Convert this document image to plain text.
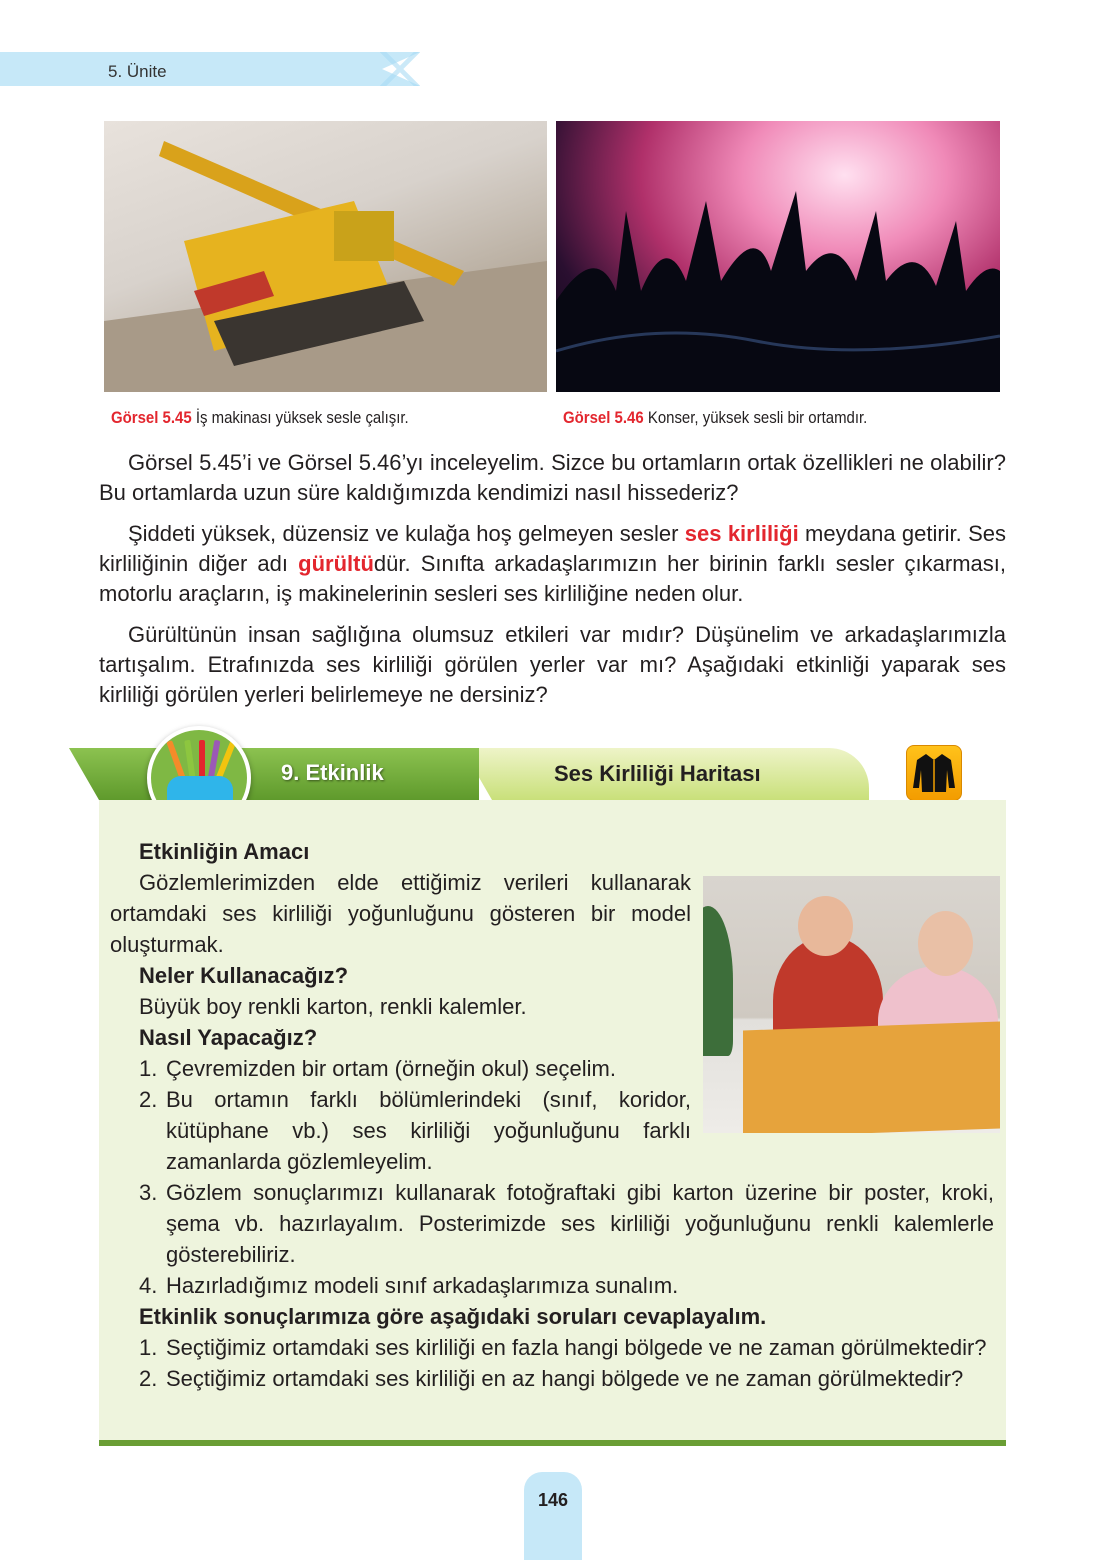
5. Ünite
Görsel 5.45 İş makinası yüksek sesle çalışır.	Görsel 5.46 Konser, yüksek sesli bir ortamdır.
Görsel 5.45’i ve Görsel 5.46’yı inceleyelim. Sizce bu ortamların ortak özellikleri ne olabilir? Bu ortamlarda uzun süre kaldığımızda kendimizi nasıl hissederiz?
Şiddeti yüksek, düzensiz ve kulağa hoş gelmeyen sesler ses kirliliği meydana getirir. Ses kirliliğinin diğer adı gürültüdür. Sınıfta arkadaşlarımızın her birinin farklı sesler çıkarması, motorlu araçların, iş makinelerinin sesleri ses kirliliğine neden olur.
Gürültünün insan sağlığına olumsuz etkileri var mıdır? Düşünelim ve arkadaşlarımızla tartışalım. Etrafınızda ses kirliliği görülen yerler var mı? Aşağıdaki etkinliği yaparak ses kirliliği görülen yerleri belirlemeye ne dersiniz?
9. Etkinlik	Ses Kirliliği Haritası
Etkinliğin Amacı
Gözlemlerimizden elde ettiğimiz verileri kullanarak
ortamdaki ses kirliliği yoğunluğunu gösteren bir model oluşturmak.
Neler Kullanacağız?
Büyük boy renkli karton, renkli kalemler.
Nasıl Yapacağız?
1. Çevremizden bir ortam (örneğin okul) seçelim.
2. Bu ortamın farklı bölümlerindeki (sınıf, koridor, kütüphane vb.) ses kirliliği yoğunluğunu farklı zamanlarda gözlemleyelim.
3. Gözlem sonuçlarımızı kullanarak fotoğraftaki gibi karton üzerine bir poster, kroki, şema vb. hazırlayalım. Posterimizde ses kirliliği yoğunluğunu renkli kalemlerle gösterebiliriz.
4. Hazırladığımız modeli sınıf arkadaşlarımıza sunalım.
Etkinlik sonuçlarımıza göre aşağıdaki soruları cevaplayalım.
1. Seçtiğimiz ortamdaki ses kirliliği en fazla hangi bölgede ve ne zaman görülmektedir?
2. Seçtiğimiz ortamdaki ses kirliliği en az hangi bölgede ve ne zaman görülmektedir?
146
